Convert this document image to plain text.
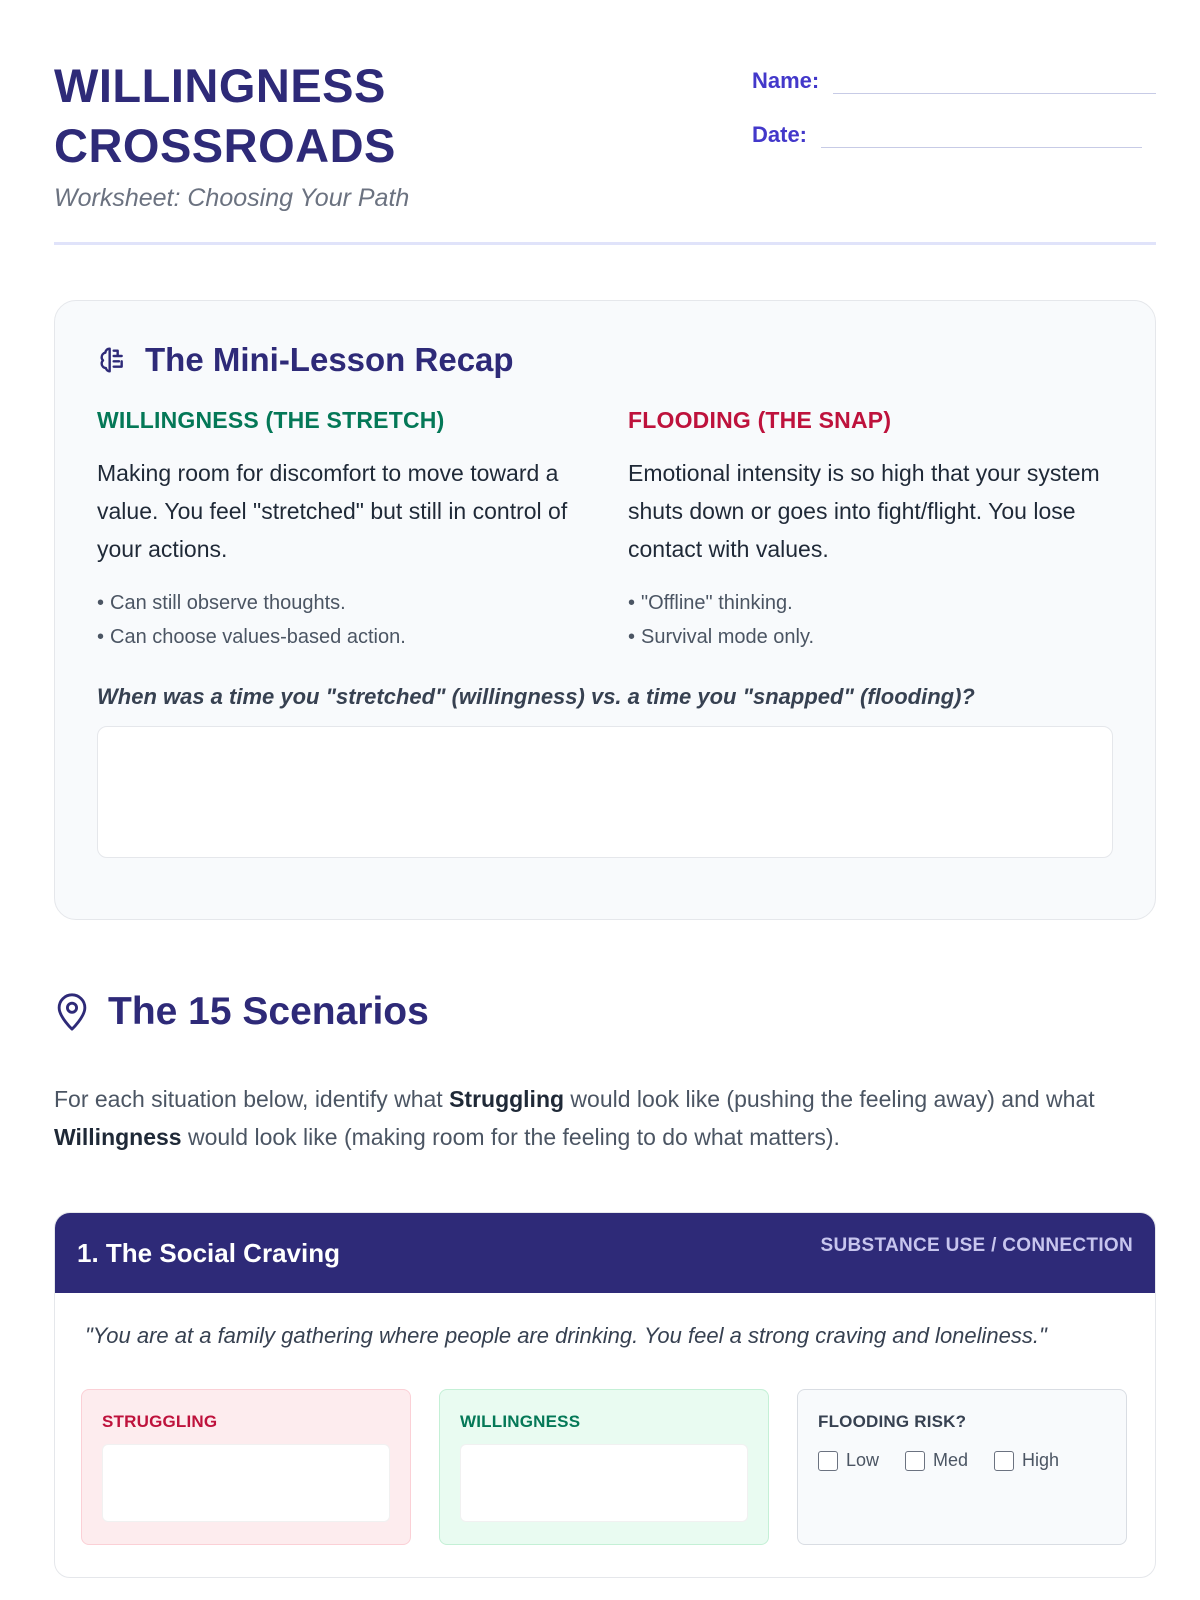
WILLINGNESS
CROSSROADS
Worksheet: Choosing Your Path
Name:
Date:
The Mini-Lesson Recap
WILLINGNESS (THE STRETCH)

Making room for discomfort to move toward a value. You feel "stretched" but still in control of your actions.

• Can still observe thoughts.
• Can choose values-based action.
FLOODING (THE SNAP)

Emotional intensity is so high that your system shuts down or goes into fight/flight. You lose contact with values.

• "Offline" thinking.
• Survival mode only.
When was a time you "stretched" (willingness) vs. a time you "snapped" (flooding)?
The 15 Scenarios

For each situation below, identify what Struggling would look like (pushing the feeling away) and what Willingness would look like (making room for the feeling to do what matters).

1. The Social Craving	SUBSTANCE USE / CONNECTION

"You are at a family gathering where people are drinking. You feel a strong craving and loneliness."

STRUGGLING	WILLINGNESS	FLOODING RISK?
Low	Med	High
